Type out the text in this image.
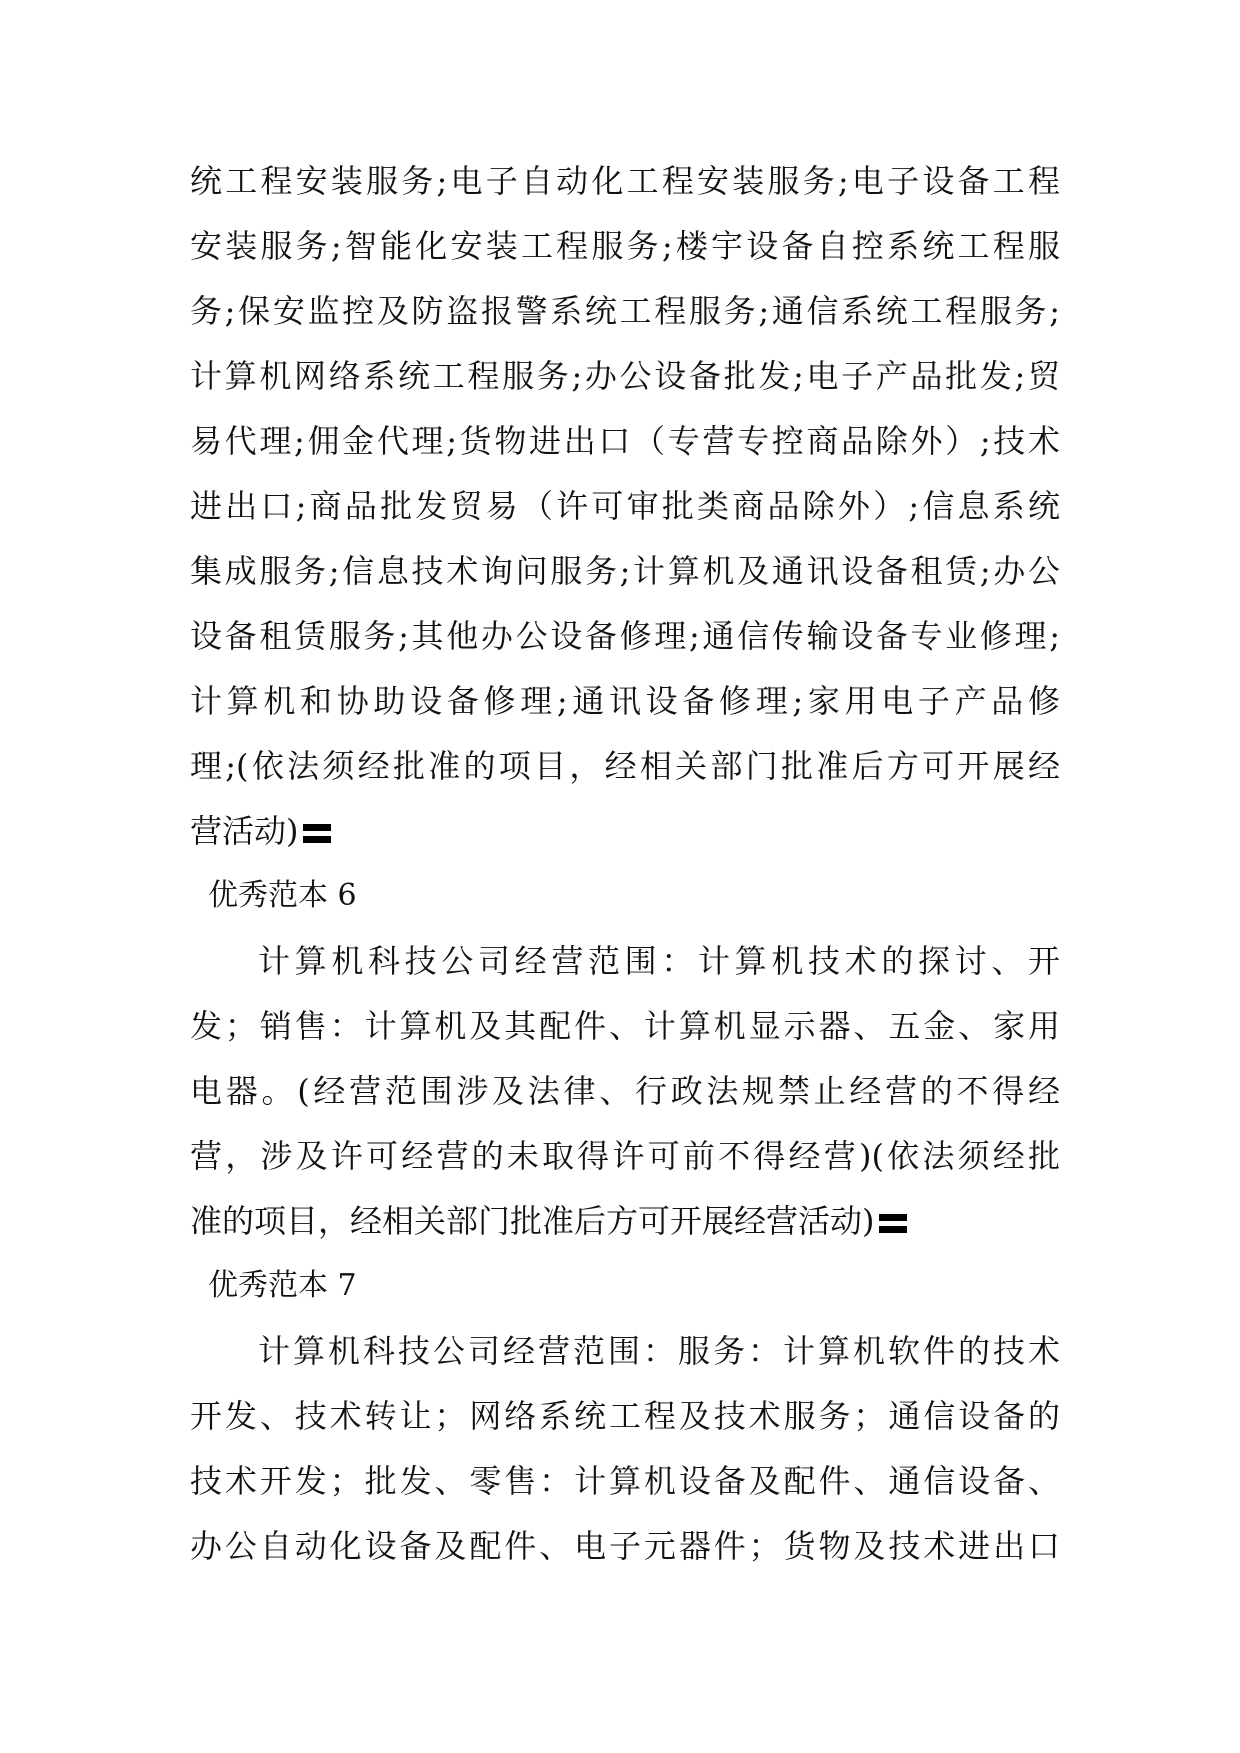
统工程安装服务;电子自动化工程安装服务;电子设备工程
安装服务;智能化安装工程服务;楼宇设备自控系统工程服
务;保安监控及防盗报警系统工程服务;通信系统工程服务;
计算机网络系统工程服务;办公设备批发;电子产品批发;贸
易代理;佣金代理;货物进出口（专营专控商品除外）;技术
进出口;商品批发贸易（许可审批类商品除外）;信息系统
集成服务;信息技术询问服务;计算机及通讯设备租赁;办公
设备租赁服务;其他办公设备修理;通信传输设备专业修理;
计算机和协助设备修理;通讯设备修理;家用电子产品修
理;(依法须经批准的项目，经相关部门批准后方可开展经
营活动)
优秀范本 6
计算机科技公司经营范围：计算机技术的探讨、开
发；销售：计算机及其配件、计算机显示器、五金、家用
电器。(经营范围涉及法律、行政法规禁止经营的不得经
营，涉及许可经营的未取得许可前不得经营)(依法须经批
准的项目，经相关部门批准后方可开展经营活动)
优秀范本 7
计算机科技公司经营范围：服务：计算机软件的技术
开发、技术转让；网络系统工程及技术服务；通信设备的
技术开发；批发、零售：计算机设备及配件、通信设备、
办公自动化设备及配件、电子元器件；货物及技术进出口
